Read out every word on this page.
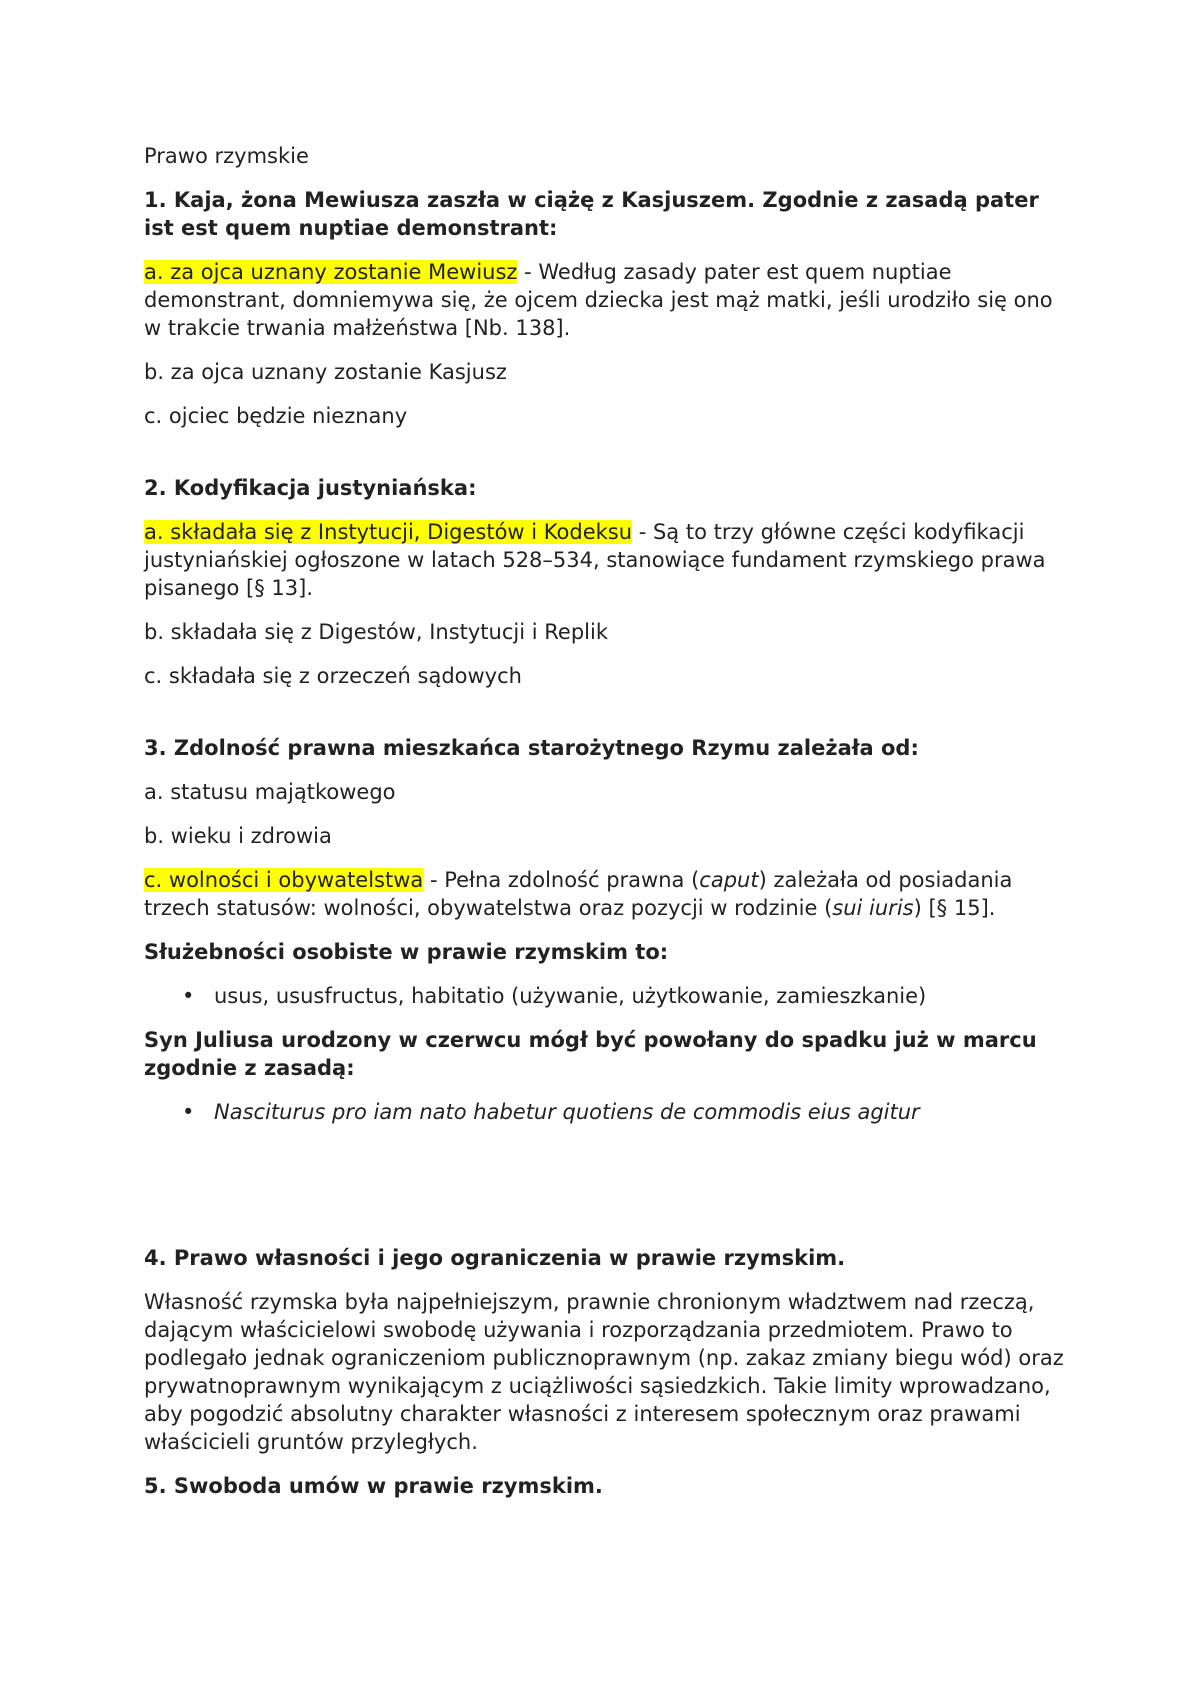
Prawo rzymskie

1. Kaja, żona Mewiusza zaszła w ciążę z Kasjuszem. Zgodnie z zasadą pater ist est quem nuptiae demonstrant:

a. za ojca uznany zostanie Mewiusz - Według zasady pater est quem nuptiae demonstrant, domniemywa się, że ojcem dziecka jest mąż matki, jeśli urodziło się ono w trakcie trwania małżeństwa [Nb. 138].

b. za ojca uznany zostanie Kasjusz

c. ojciec będzie nieznany

2. Kodyfikacja justyniańska:

a. składała się z Instytucji, Digestów i Kodeksu - Są to trzy główne części kodyfikacji justyniańskiej ogłoszone w latach 528–534, stanowiące fundament rzymskiego prawa pisanego [§ 13].

b. składała się z Digestów, Instytucji i Replik

c. składała się z orzeczeń sądowych

3. Zdolność prawna mieszkańca starożytnego Rzymu zależała od:

a. statusu majątkowego

b. wieku i zdrowia

c. wolności i obywatelstwa - Pełna zdolność prawna (caput) zależała od posiadania trzech statusów: wolności, obywatelstwa oraz pozycji w rodzinie (sui iuris) [§ 15].

Służebności osobiste w prawie rzymskim to:

• usus, ususfructus, habitatio (używanie, użytkowanie, zamieszkanie)

Syn Juliusa urodzony w czerwcu mógł być powołany do spadku już w marcu zgodnie z zasadą:

• Nasciturus pro iam nato habetur quotiens de commodis eius agitur

4. Prawo własności i jego ograniczenia w prawie rzymskim.

Własność rzymska była najpełniejszym, prawnie chronionym władztwem nad rzeczą, dającym właścicielowi swobodę używania i rozporządzania przedmiotem. Prawo to podlegało jednak ograniczeniom publicznoprawnym (np. zakaz zmiany biegu wód) oraz prywatnoprawnym wynikającym z uciążliwości sąsiedzkich. Takie limity wprowadzano, aby pogodzić absolutny charakter własności z interesem społecznym oraz prawami właścicieli gruntów przyległych.

5. Swoboda umów w prawie rzymskim.
